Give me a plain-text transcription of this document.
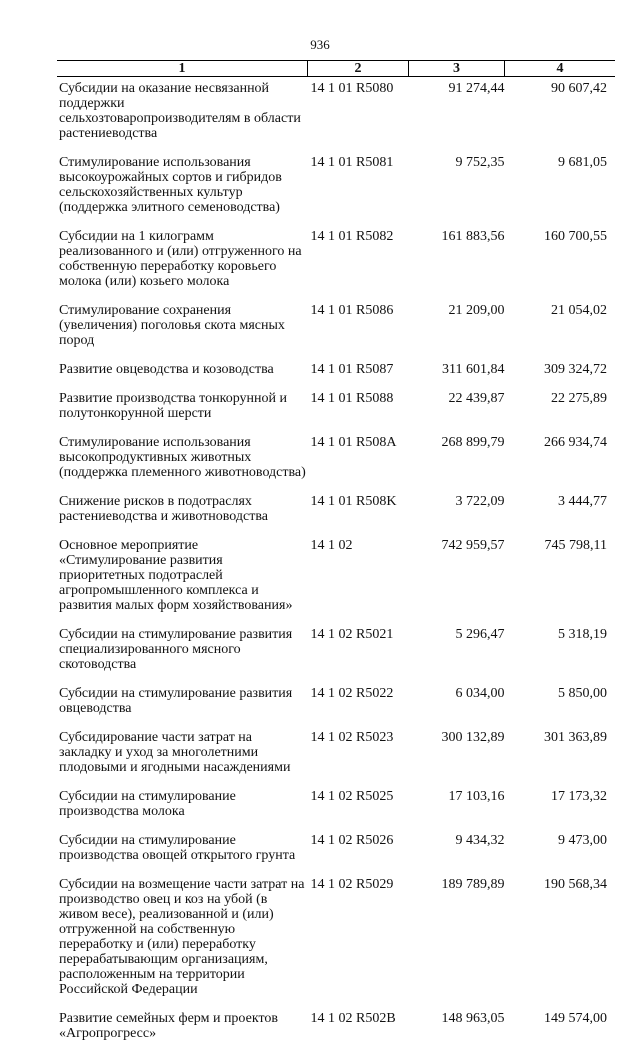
936
1	2	3	4
Субсидии на оказание несвязанной поддержки сельхозтоваропроизводителям в области растениеводства	14 1 01 R5080	91 274,44	90 607,42
Стимулирование использования высокоурожайных сортов и гибридов сельскохозяйственных культур (поддержка элитного семеноводства)	14 1 01 R5081	9 752,35	9 681,05
Субсидии на 1 килограмм реализованного и (или) отгруженного на собственную переработку коровьего молока (или) козьего молока	14 1 01 R5082	161 883,56	160 700,55
Стимулирование сохранения (увеличения) поголовья скота мясных пород	14 1 01 R5086	21 209,00	21 054,02
Развитие овцеводства и козоводства	14 1 01 R5087	311 601,84	309 324,72
Развитие производства тонкорунной и полутонкорунной шерсти	14 1 01 R5088	22 439,87	22 275,89
Стимулирование использования высокопродуктивных животных (поддержка племенного животноводства)	14 1 01 R508A	268 899,79	266 934,74
Снижение рисков в подотраслях растениеводства и животноводства	14 1 01 R508K	3 722,09	3 444,77
Основное мероприятие «Стимулирование развития приоритетных подотраслей агропромышленного комплекса и развития малых форм хозяйствования»	14 1 02	742 959,57	745 798,11
Субсидии на стимулирование развития специализированного мясного скотоводства	14 1 02 R5021	5 296,47	5 318,19
Субсидии на стимулирование развития овцеводства	14 1 02 R5022	6 034,00	5 850,00
Субсидирование части затрат на закладку и уход за многолетними плодовыми и ягодными насаждениями	14 1 02 R5023	300 132,89	301 363,89
Субсидии на стимулирование производства молока	14 1 02 R5025	17 103,16	17 173,32
Субсидии на стимулирование производства овощей открытого грунта	14 1 02 R5026	9 434,32	9 473,00
Субсидии на возмещение части затрат на производство овец и коз на убой (в живом весе), реализованной и (или) отгруженной на собственную переработку и (или) переработку перерабатывающим организациям, расположенным на территории Российской Федерации	14 1 02 R5029	189 789,89	190 568,34
Развитие семейных ферм и проектов «Агропрогресс»	14 1 02 R502B	148 963,05	149 574,00
